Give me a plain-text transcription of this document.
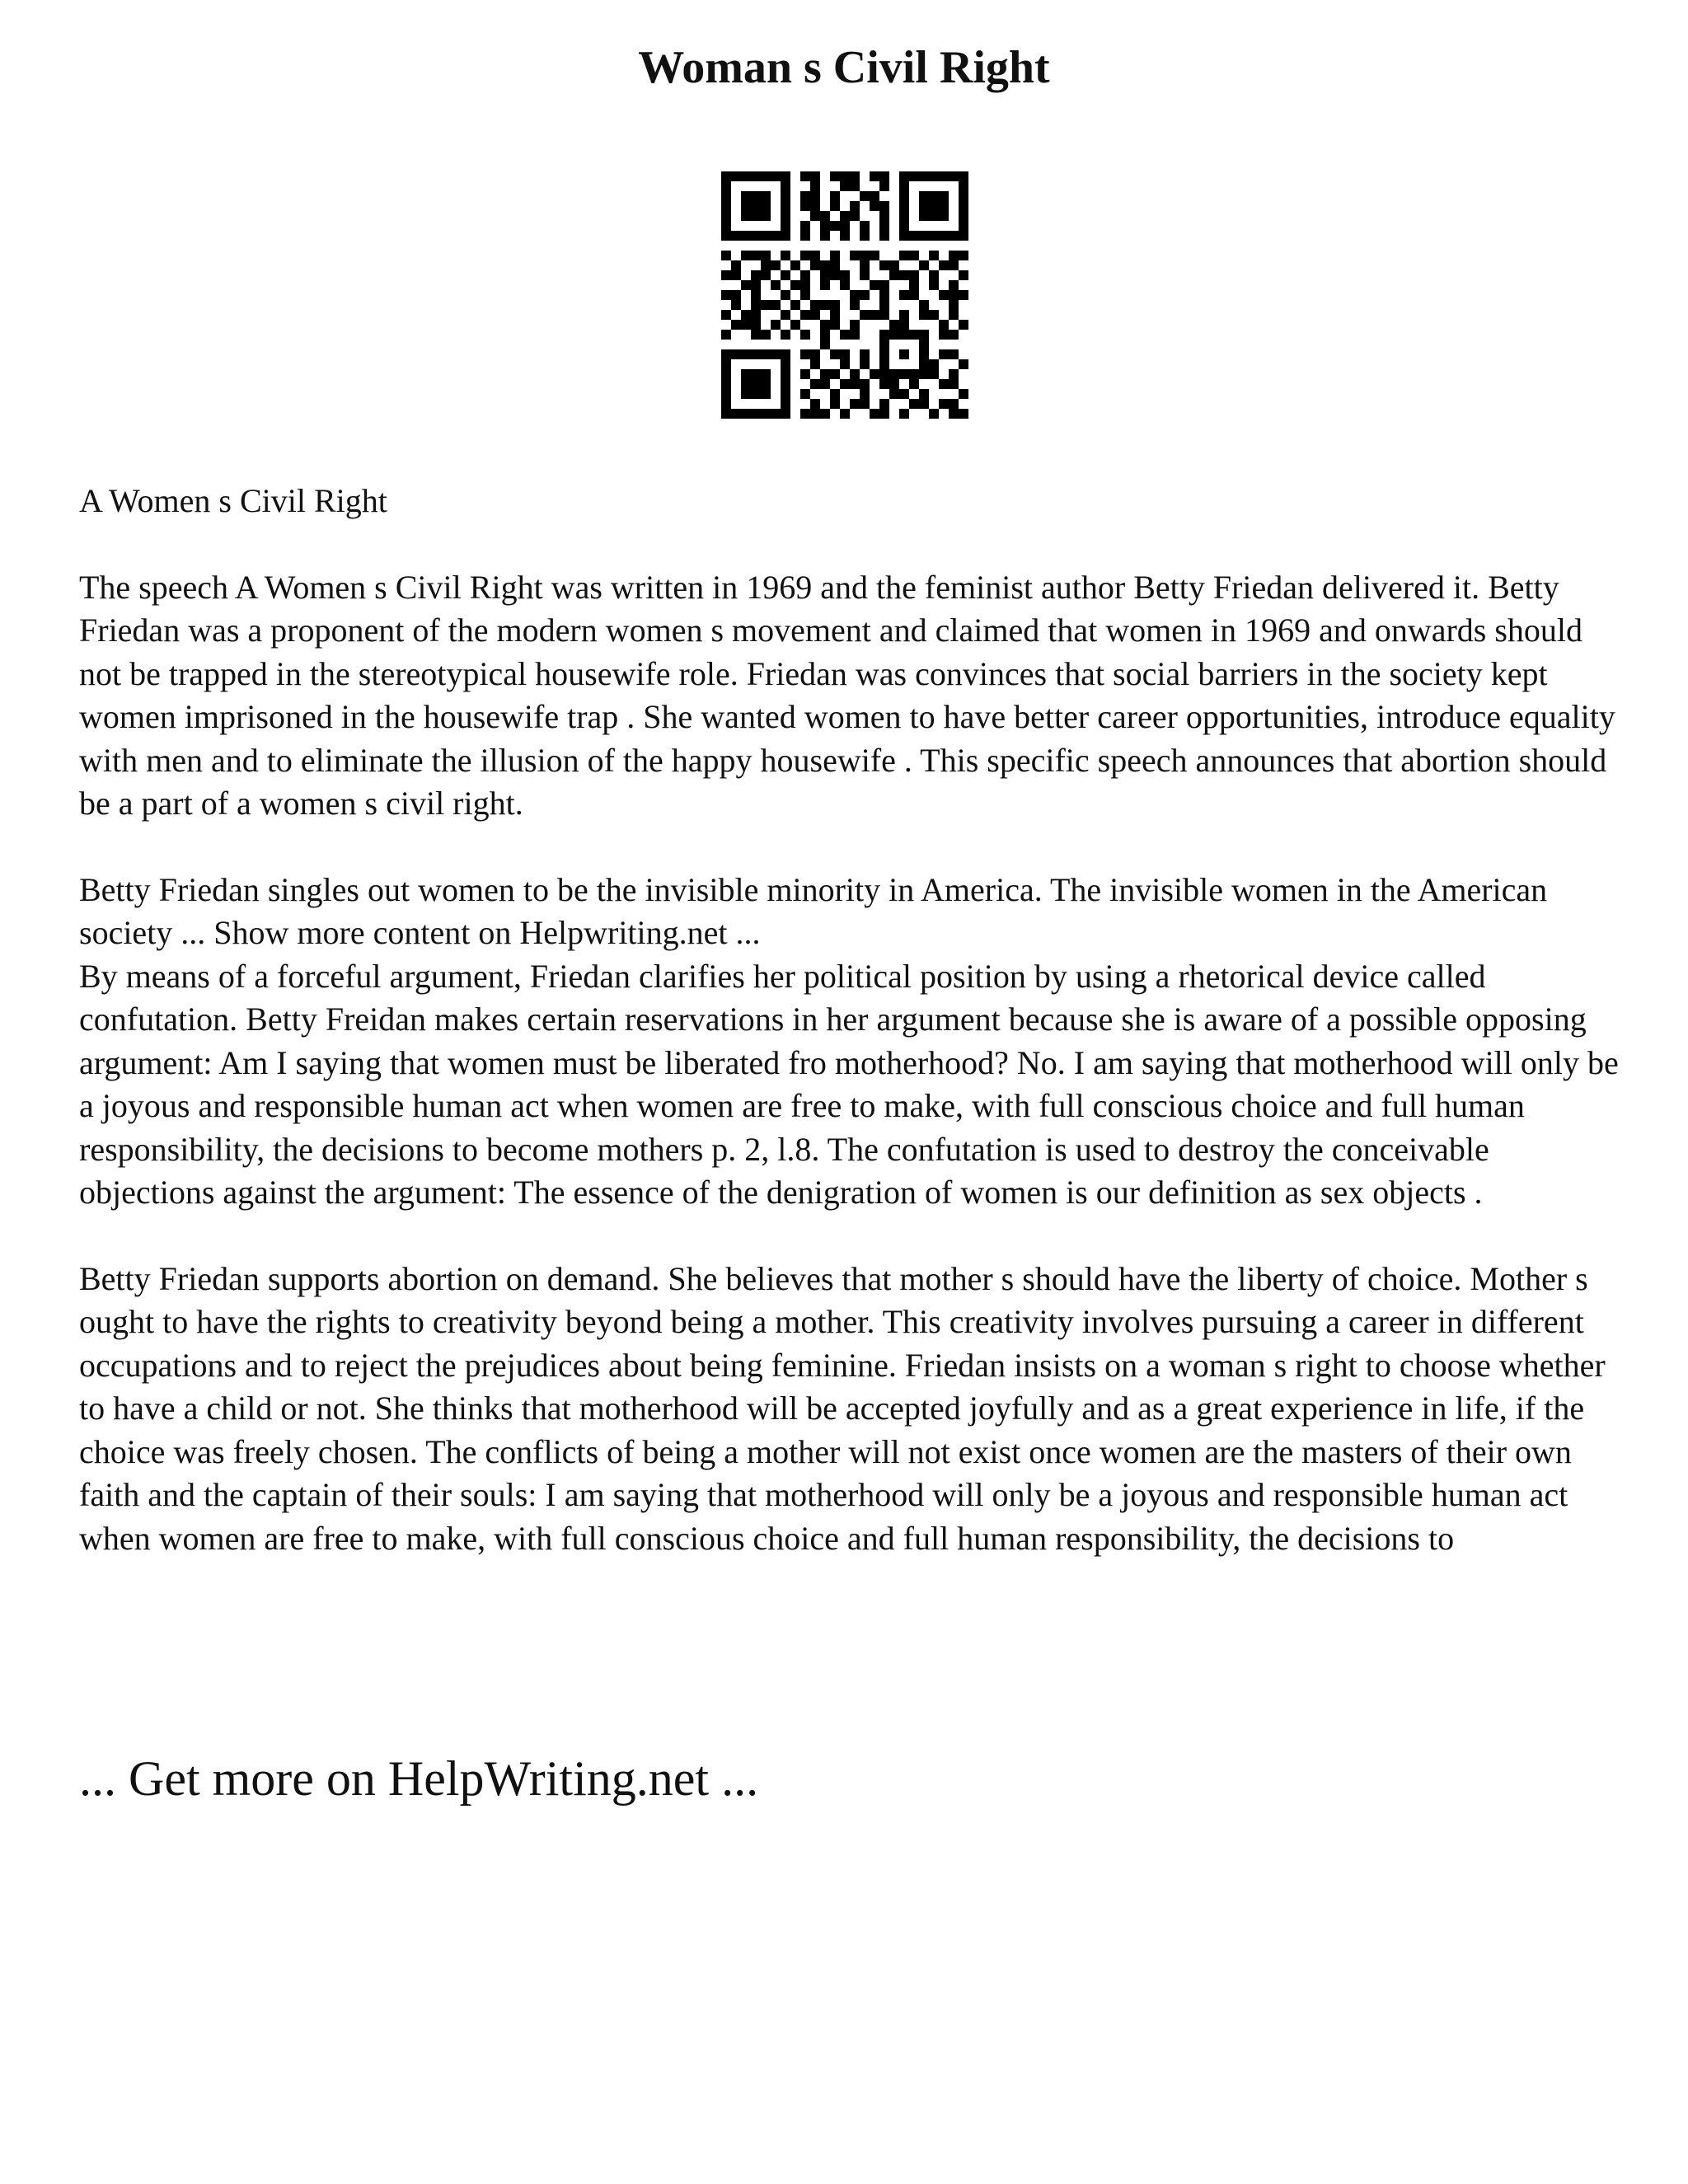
Woman s Civil Right

A Women s Civil Right

The speech A Women s Civil Right was written in 1969 and the feminist author Betty Friedan delivered it. Betty Friedan was a proponent of the modern women s movement and claimed that women in 1969 and onwards should not be trapped in the stereotypical housewife role. Friedan was convinces that social barriers in the society kept women imprisoned in the housewife trap . She wanted women to have better career opportunities, introduce equality with men and to eliminate the illusion of the happy housewife . This specific speech announces that abortion should be a part of a women s civil right.

Betty Friedan singles out women to be the invisible minority in America. The invisible women in the American society ... Show more content on Helpwriting.net ...

By means of a forceful argument, Friedan clarifies her political position by using a rhetorical device called confutation. Betty Freidan makes certain reservations in her argument because she is aware of a possible opposing argument: Am I saying that women must be liberated fro motherhood? No. I am saying that motherhood will only be a joyous and responsible human act when women are free to make, with full conscious choice and full human responsibility, the decisions to become mothers p. 2, l.8. The confutation is used to destroy the conceivable objections against the argument: The essence of the denigration of women is our definition as sex objects .

Betty Friedan supports abortion on demand. She believes that mother s should have the liberty of choice. Mother s ought to have the rights to creativity beyond being a mother. This creativity involves pursuing a career in different occupations and to reject the prejudices about being feminine. Friedan insists on a woman s right to choose whether to have a child or not. She thinks that motherhood will be accepted joyfully and as a great experience in life, if the choice was freely chosen. The conflicts of being a mother will not exist once women are the masters of their own faith and the captain of their souls: I am saying that motherhood will only be a joyous and responsible human act when women are free to make, with full conscious choice and full human responsibility, the decisions to

... Get more on HelpWriting.net ...
